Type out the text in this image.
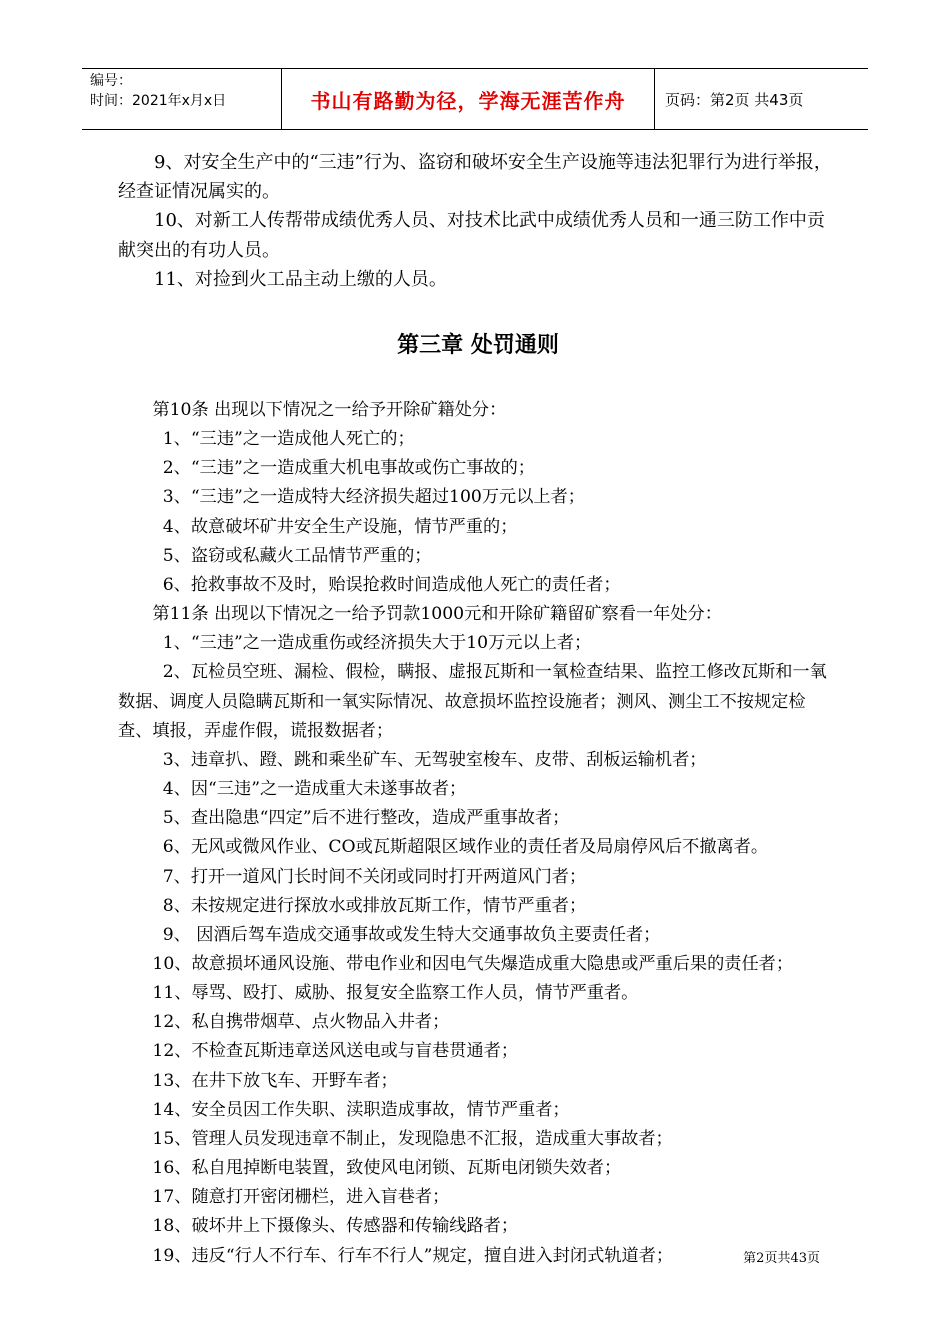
编号：
时间：2021年x月x日	书山有路勤为径，学海无涯苦作舟	页码：第2页 共43页

9、对安全生产中的“三违”行为、盗窃和破坏安全生产设施等违法犯罪行为进行举报，经查证情况属实的。

10、对新工人传帮带成绩优秀人员、对技术比武中成绩优秀人员和一通三防工作中贡献突出的有功人员。

11、对捡到火工品主动上缴的人员。

第三章 处罚通则

第10条 出现以下情况之一给予开除矿籍处分：

1、“三违”之一造成他人死亡的；

2、“三违”之一造成重大机电事故或伤亡事故的；

3、“三违”之一造成特大经济损失超过100万元以上者；

4、故意破坏矿井安全生产设施，情节严重的；

5、盗窃或私藏火工品情节严重的；

6、抢救事故不及时，贻误抢救时间造成他人死亡的责任者；

第11条 出现以下情况之一给予罚款1000元和开除矿籍留矿察看一年处分：

1、“三违”之一造成重伤或经济损失大于10万元以上者；

2、瓦检员空班、漏检、假检，瞒报、虚报瓦斯和一氧检查结果、监控工修改瓦斯和一氧数据、调度人员隐瞒瓦斯和一氧实际情况、故意损坏监控设施者；测风、测尘工不按规定检查、填报，弄虚作假，谎报数据者；

3、违章扒、蹬、跳和乘坐矿车、无驾驶室梭车、皮带、刮板运输机者；

4、因“三违”之一造成重大未遂事故者；

5、查出隐患“四定”后不进行整改，造成严重事故者；

6、无风或微风作业、CO或瓦斯超限区域作业的责任者及局扇停风后不撤离者。

7、打开一道风门长时间不关闭或同时打开两道风门者；

8、未按规定进行探放水或排放瓦斯工作，情节严重者；

9、 因酒后驾车造成交通事故或发生特大交通事故负主要责任者；

10、故意损坏通风设施、带电作业和因电气失爆造成重大隐患或严重后果的责任者；

11、辱骂、殴打、威胁、报复安全监察工作人员，情节严重者。

12、私自携带烟草、点火物品入井者；

12、不检查瓦斯违章送风送电或与盲巷贯通者；

13、在井下放飞车、开野车者；

14、安全员因工作失职、渎职造成事故，情节严重者；

15、管理人员发现违章不制止，发现隐患不汇报，造成重大事故者；

16、私自甩掉断电装置，致使风电闭锁、瓦斯电闭锁失效者；

17、随意打开密闭栅栏，进入盲巷者；

18、破坏井上下摄像头、传感器和传输线路者；

19、违反“行人不行车、行车不行人”规定，擅自进入封闭式轨道者；	第2页共43页
